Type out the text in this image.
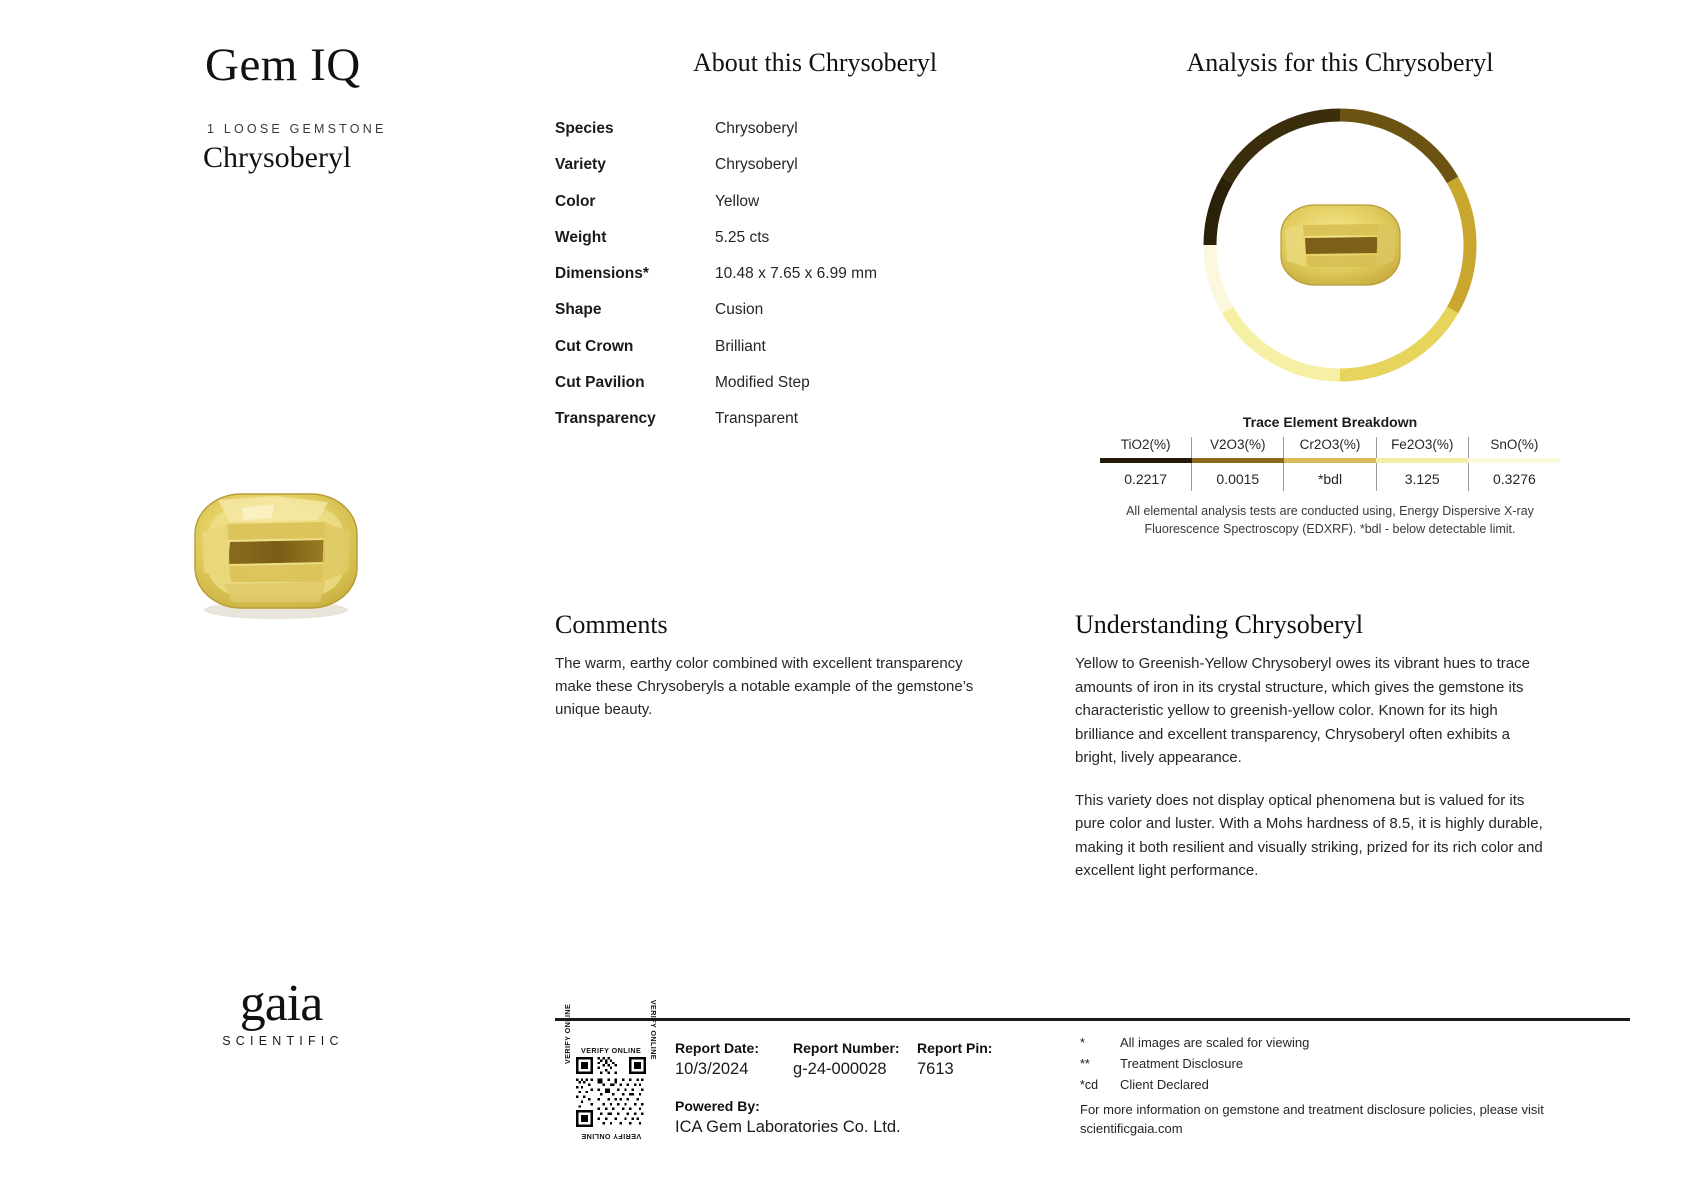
Gem IQ
1 LOOSE GEMSTONE
Chrysoberyl
gaia
SCIENTIFIC
About this Chrysoberyl
Species	Chrysoberyl
Variety	Chrysoberyl
Color	Yellow
Weight	5.25 cts
Dimensions*	10.48 x 7.65 x 6.99 mm
Shape	Cusion
Cut Crown	Brilliant
Cut Pavilion	Modified Step
Transparency	Transparent
Comments
The warm, earthy color combined with excellent transparency make these Chrysoberyls a notable example of the gemstone’s unique beauty.
Analysis for this Chrysoberyl
Trace Element Breakdown
TiO2(%)	V2O3(%)	Cr2O3(%)	Fe2O3(%)	SnO(%)
0.2217	0.0015	*bdl	3.125	0.3276
All elemental analysis tests are conducted using, Energy Dispersive X-ray Fluorescence Spectroscopy (EDXRF). *bdl - below detectable limit.
Understanding Chrysoberyl

Yellow to Greenish-Yellow Chrysoberyl owes its vibrant hues to trace amounts of iron in its crystal structure, which gives the gemstone its characteristic yellow to greenish-yellow color. Known for its high brilliance and excellent transparency, Chrysoberyl often exhibits a bright, lively appearance.

This variety does not display optical phenomena but is valued for its pure color and luster. With a Mohs hardness of 8.5, it is highly durable, making it both resilient and visually striking, prized for its rich color and excellent light performance.

VERIFY ONLINE
VERIFY ONLINE
VERIFY ONLINE	VERIFY ONLINE Report Date:
10/3/2024
Report Number:
g-24-000028
Report Pin:
7613
Powered By:
ICA Gem Laboratories Co. Ltd.
*	All images are scaled for viewing
**	Treatment Disclosure
*cd	Client Declared
For more information on gemstone and treatment disclosure policies, please visit scientificgaia.com
